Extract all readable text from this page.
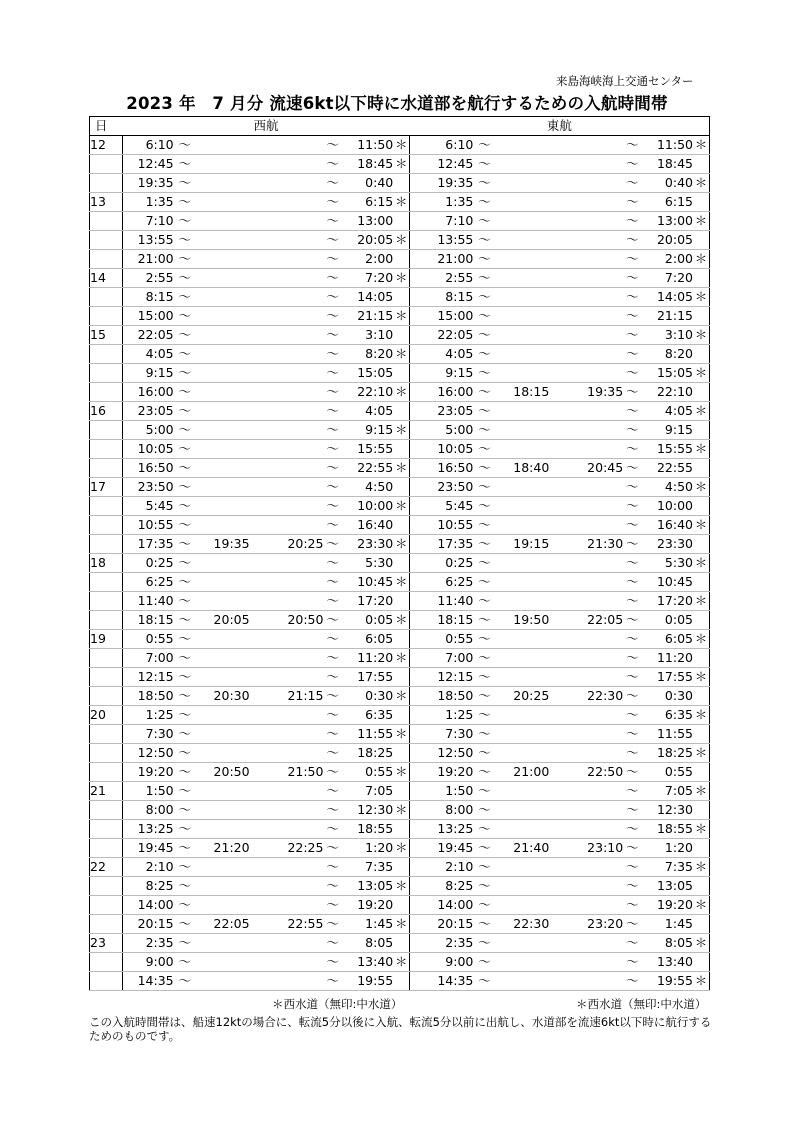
来島海峡海上交通センター
2023 年　7 月分 流速6kt以下時に水道部を航行するための入航時間帯
日	西航							東航							
12	6:10	～			～	11:50	＊		6:10	～			～	11:50	＊
	12:45	～			～	18:45	＊		12:45	～			～	18:45	
	19:35	～			～	0:40			19:35	～			～	0:40	＊
13	1:35	～			～	6:15	＊		1:35	～			～	6:15	
	7:10	～			～	13:00			7:10	～			～	13:00	＊
	13:55	～			～	20:05	＊		13:55	～			～	20:05	
	21:00	～			～	2:00			21:00	～			～	2:00	＊
14	2:55	～			～	7:20	＊		2:55	～			～	7:20	
	8:15	～			～	14:05			8:15	～			～	14:05	＊
	15:00	～			～	21:15	＊		15:00	～			～	21:15	
15	22:05	～			～	3:10			22:05	～			～	3:10	＊
	4:05	～			～	8:20	＊		4:05	～			～	8:20	
	9:15	～			～	15:05			9:15	～			～	15:05	＊
	16:00	～			～	22:10	＊		16:00	～	18:15	19:35	～	22:10	
16	23:05	～			～	4:05			23:05	～			～	4:05	＊
	5:00	～			～	9:15	＊		5:00	～			～	9:15	
	10:05	～			～	15:55			10:05	～			～	15:55	＊
	16:50	～			～	22:55	＊		16:50	～	18:40	20:45	～	22:55	
17	23:50	～			～	4:50			23:50	～			～	4:50	＊
	5:45	～			～	10:00	＊		5:45	～			～	10:00	
	10:55	～			～	16:40			10:55	～			～	16:40	＊
	17:35	～	19:35	20:25	～	23:30	＊		17:35	～	19:15	21:30	～	23:30	
18	0:25	～			～	5:30			0:25	～			～	5:30	＊
	6:25	～			～	10:45	＊		6:25	～			～	10:45	
	11:40	～			～	17:20			11:40	～			～	17:20	＊
	18:15	～	20:05	20:50	～	0:05	＊		18:15	～	19:50	22:05	～	0:05	
19	0:55	～			～	6:05			0:55	～			～	6:05	＊
	7:00	～			～	11:20	＊		7:00	～			～	11:20	
	12:15	～			～	17:55			12:15	～			～	17:55	＊
	18:50	～	20:30	21:15	～	0:30	＊		18:50	～	20:25	22:30	～	0:30	
20	1:25	～			～	6:35			1:25	～			～	6:35	＊
	7:30	～			～	11:55	＊		7:30	～			～	11:55	
	12:50	～			～	18:25			12:50	～			～	18:25	＊
	19:20	～	20:50	21:50	～	0:55	＊		19:20	～	21:00	22:50	～	0:55	
21	1:50	～			～	7:05			1:50	～			～	7:05	＊
	8:00	～			～	12:30	＊		8:00	～			～	12:30	
	13:25	～			～	18:55			13:25	～			～	18:55	＊
	19:45	～	21:20	22:25	～	1:20	＊		19:45	～	21:40	23:10	～	1:20	
22	2:10	～			～	7:35			2:10	～			～	7:35	＊
	8:25	～			～	13:05	＊		8:25	～			～	13:05	
	14:00	～			～	19:20			14:00	～			～	19:20	＊
	20:15	～	22:05	22:55	～	1:45	＊		20:15	～	22:30	23:20	～	1:45	
23	2:35	～			～	8:05			2:35	～			～	8:05	＊
	9:00	～			～	13:40	＊		9:00	～			～	13:40	
	14:35	～			～	19:55			14:35	～			～	19:55	＊
＊西水道（無印:中水道）	＊西水道（無印:中水道）
この入航時間帯は、船速12ktの場合に、転流5分以後に入航、転流5分以前に出航し、水道部を流速6kt以下時に航行するためのものです。
